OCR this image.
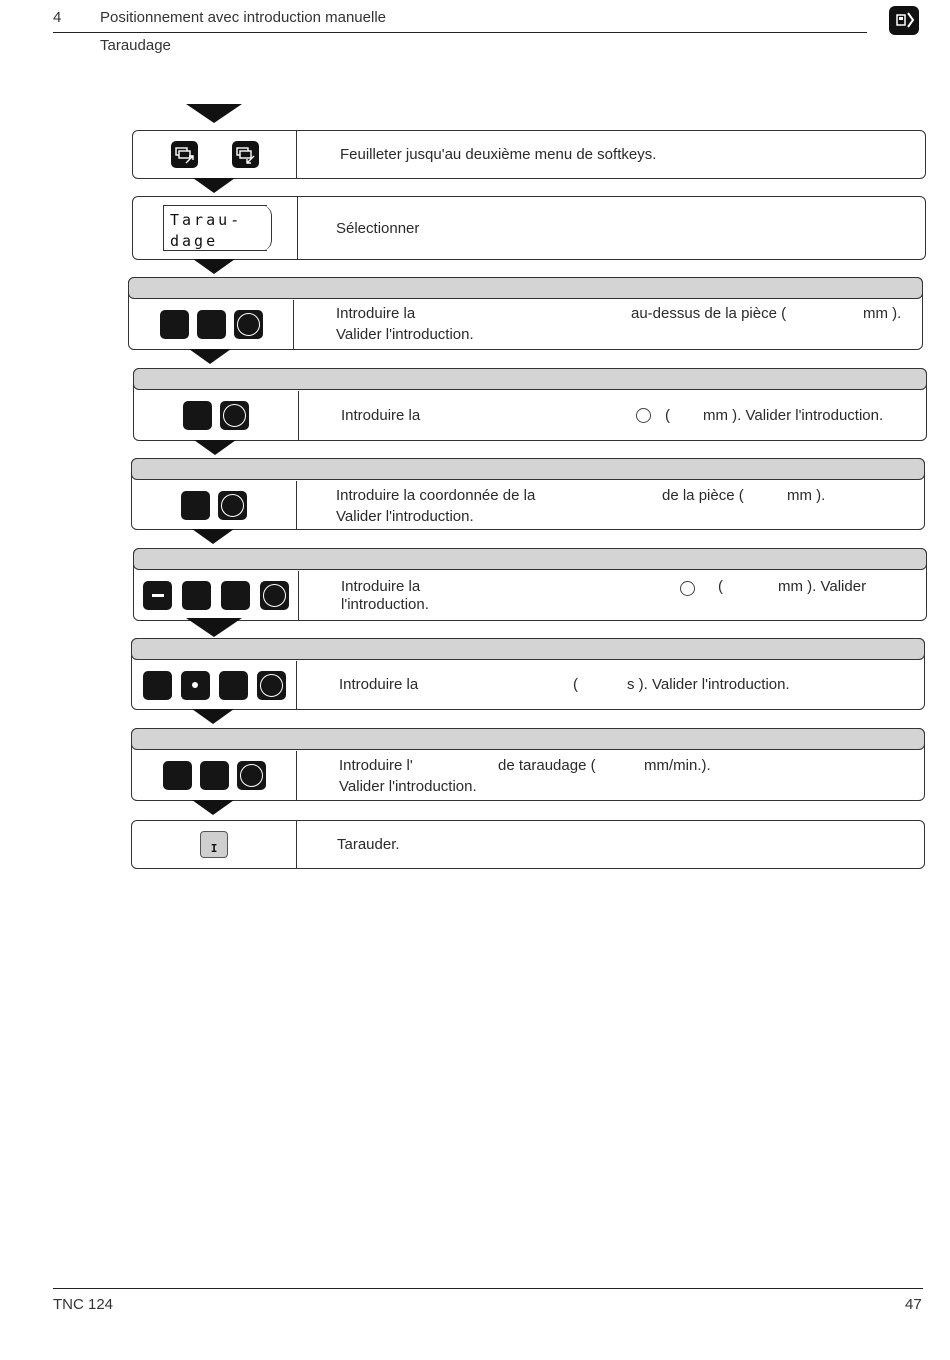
4	Positionnement avec introduction manuelle
Taraudage
Feuilleter jusqu'au deuxième menu de softkeys.
Tarau-
dage
Sélectionner
Introduire la	au-dessus de la pièce (	mm ).
Valider l'introduction.
Introduire la	( mm ). Valider l'introduction.
Introduire la coordonnée de la	de la pièce (	mm ).
Valider l'introduction.
Introduire la	(	mm ). Valider
l'introduction.
Introduire la	(	s ). Valider l'introduction.
Introduire l'	de taraudage (	mm/min.).
Valider l'introduction.
I	Tarauder.
TNC 124	47
